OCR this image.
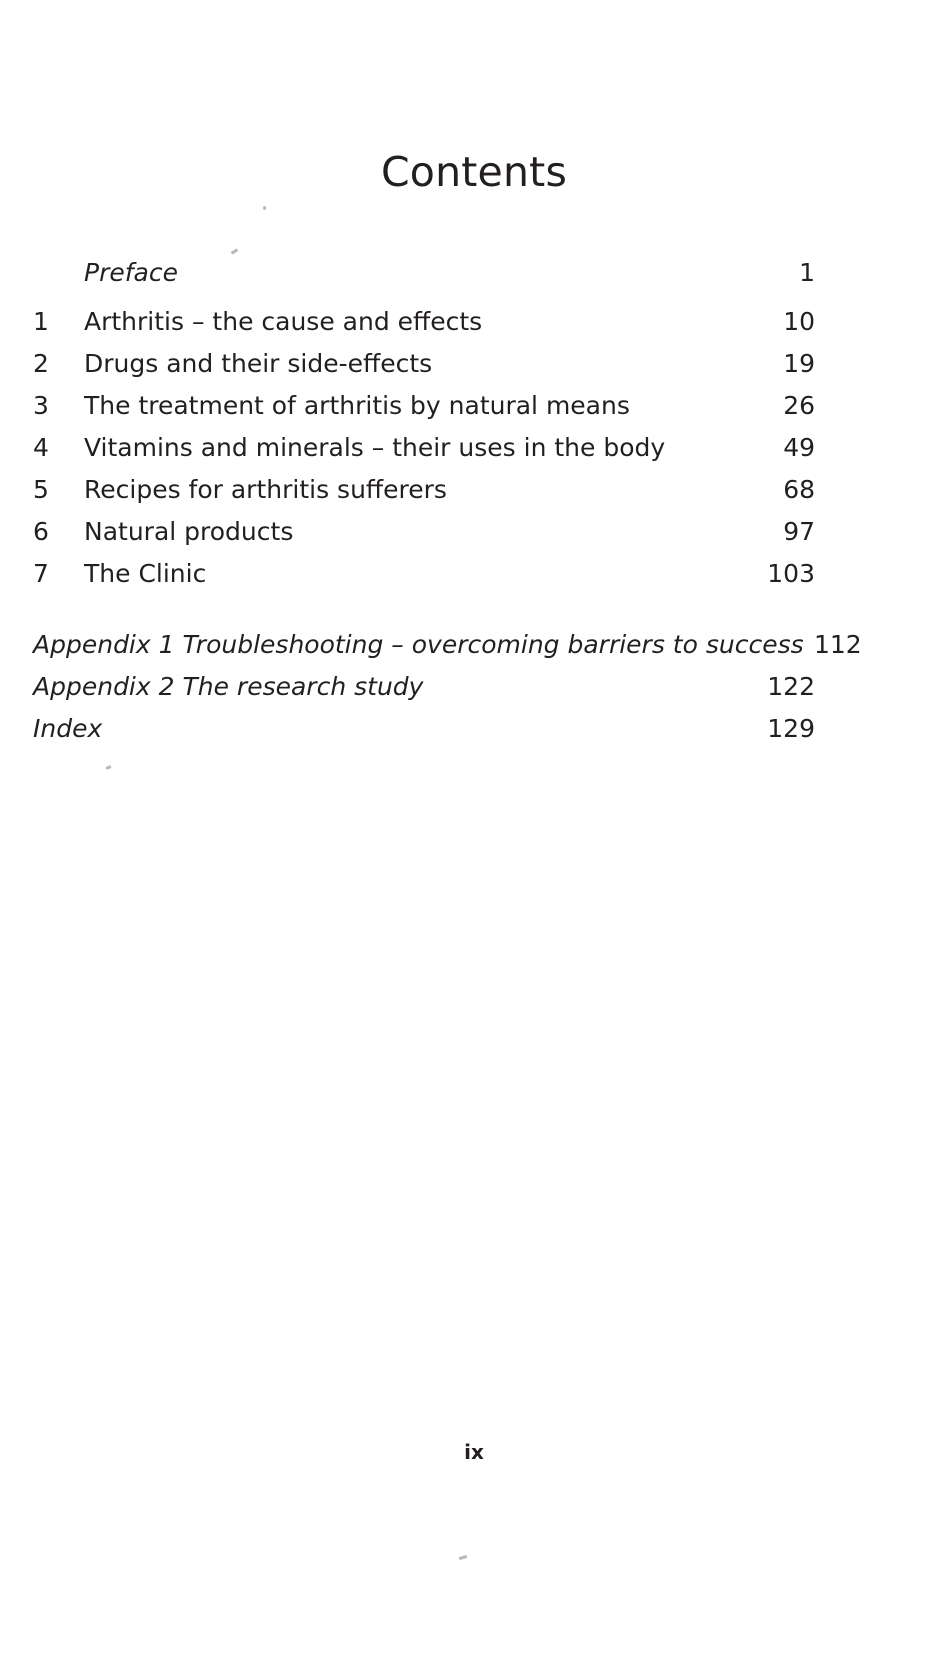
Contents
Preface	1
1	Arthritis – the cause and effects	10
2	Drugs and their side-effects	19
3	The treatment of arthritis by natural means	26
4	Vitamins and minerals – their uses in the body	49
5	Recipes for arthritis sufferers	68
6	Natural products	97
7	The Clinic	103
Appendix 1 Troubleshooting – overcoming barriers to success 112
Appendix 2 The research study	122
Index	129
ix
